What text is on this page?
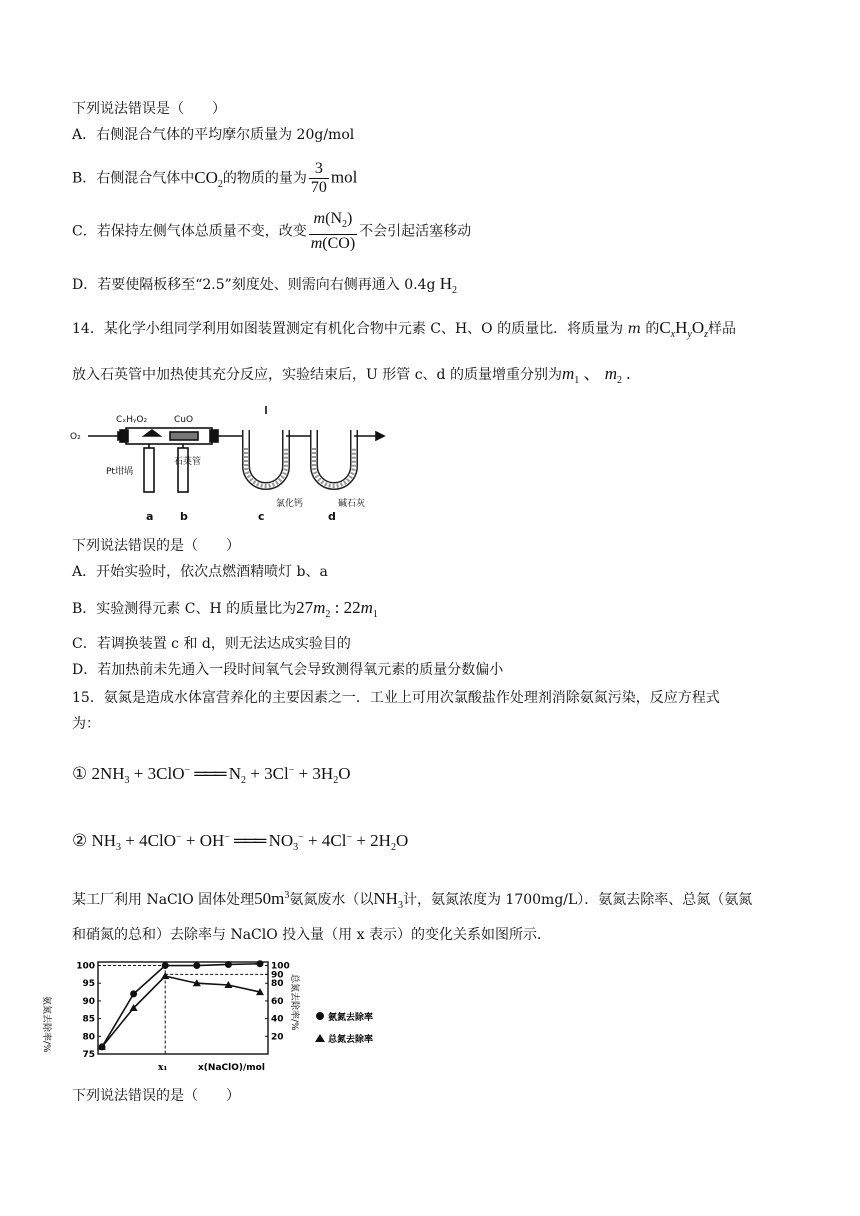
下列说法错误是（　　）
A．右侧混合气体的平均摩尔质量为 20g/mol
B．右侧混合气体中$CO_2$的物质的量为 $\frac{3}{70}$ mol
C．若保持左侧气体总质量不变，改变 $\frac{m(N_2)}{m(CO)}$ 不会引起活塞移动
D．若要使隔板移至“2.5”刻度处、则需向右侧再通入 0.4g $H_2$
14．某化学小组同学利用如图装置测定有机化合物中元素 C、H、O 的质量比．将质量为 m 的$C_xH_yO_z$样品
放入石英管中加热使其充分反应，实验结束后，U 形管 c、d 的质量增重分别为$m_1$ 、 $m_2$ .
CₓHᵧO₂	CuO
O₂
Pt坩埚
石英管
氯化钙	碱石灰
a b	c	d
下列说法错误的是（　　）
A．开始实验时，依次点燃酒精喷灯 b、a
B．实验测得元素 C、H 的质量比为$27m_2$ : $22m_1$
C．若调换装置 c 和 d，则无法达成实验目的
D．若加热前未先通入一段时间氧气会导致测得氧元素的质量分数偏小
15．氨氮是造成水体富营养化的主要因素之一．工业上可用次氯酸盐作处理剂消除氨氮污染，反应方程式
为：
① $2NH_3 + 3ClO^-$ ═══ $N_2 + 3Cl^- + 3H_2O$
② $NH_3 + 4ClO^- + OH^-$ ═══ $NO_3^- + 4Cl^- + 2H_2O$
某工厂利用 NaClO 固体处理$50m^3$氨氮废水（以$NH_3$计，氨氮浓度为 1700mg/L）．氨氮去除率、总氮（氨氮
和硝氮的总和）去除率与 NaClO 投入量（用 x 表示）的变化关系如图所示．
氨氮去除率/%	总氮去除率/%
x(NaClO)/mol
x₁
75
80
85
90
95
100
20
40
60
80
90
100
氨氮去除率
总氮去除率
下列说法错误的是（　　）
